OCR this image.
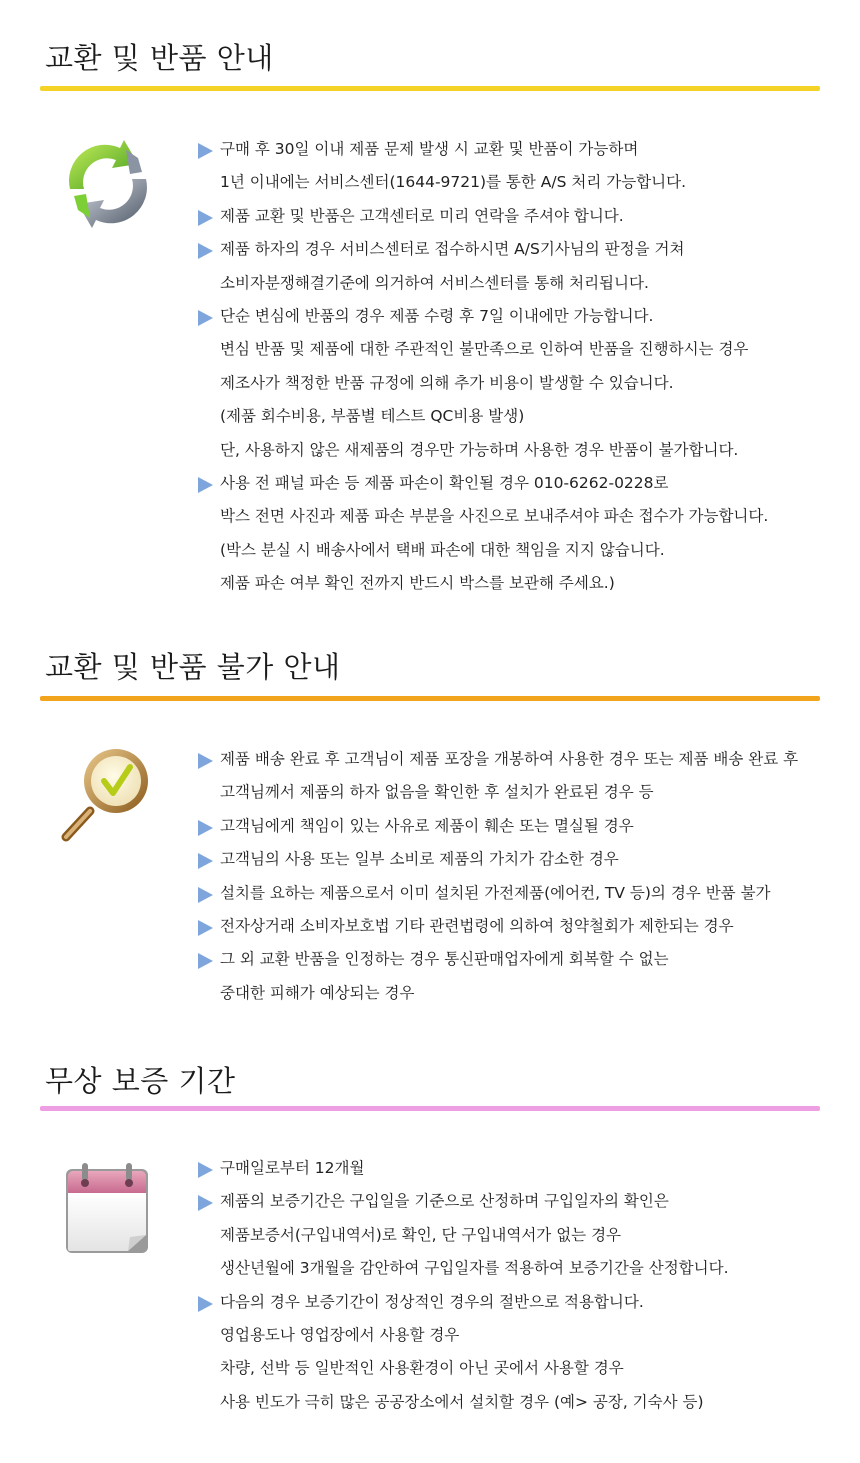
교환 및 반품 안내
구매 후 30일 이내 제품 문제 발생 시 교환 및 반품이 가능하며
1년 이내에는 서비스센터(1644-9721)를 통한 A/S 처리 가능합니다.
제품 교환 및 반품은 고객센터로 미리 연락을 주셔야 합니다.
제품 하자의 경우 서비스센터로 접수하시면 A/S기사님의 판정을 거쳐
소비자분쟁해결기준에 의거하여 서비스센터를 통해 처리됩니다.
단순 변심에 반품의 경우 제품 수령 후 7일 이내에만 가능합니다.
변심 반품 및 제품에 대한 주관적인 불만족으로 인하여 반품을 진행하시는 경우
제조사가 책정한 반품 규정에 의해 추가 비용이 발생할 수 있습니다.
(제품 회수비용, 부품별 테스트 QC비용 발생)
단, 사용하지 않은 새제품의 경우만 가능하며 사용한 경우 반품이 불가합니다.
사용 전 패널 파손 등 제품 파손이 확인될 경우 010-6262-0228로
박스 전면 사진과 제품 파손 부분을 사진으로 보내주셔야 파손 접수가 가능합니다.
(박스 분실 시 배송사에서 택배 파손에 대한 책임을 지지 않습니다.
제품 파손 여부 확인 전까지 반드시 박스를 보관해 주세요.)
교환 및 반품 불가 안내
제품 배송 완료 후 고객님이 제품 포장을 개봉하여 사용한 경우 또는 제품 배송 완료 후
고객님께서 제품의 하자 없음을 확인한 후 설치가 완료된 경우 등
고객님에게 책임이 있는 사유로 제품이 훼손 또는 멸실될 경우
고객님의 사용 또는 일부 소비로 제품의 가치가 감소한 경우
설치를 요하는 제품으로서 이미 설치된 가전제품(에어컨, TV 등)의 경우 반품 불가
전자상거래 소비자보호법 기타 관련법령에 의하여 청약철회가 제한되는 경우
그 외 교환 반품을 인정하는 경우 통신판매업자에게 회복할 수 없는
중대한 피해가 예상되는 경우
무상 보증 기간
구매일로부터 12개월
제품의 보증기간은 구입일을 기준으로 산정하며 구입일자의 확인은
제품보증서(구입내역서)로 확인, 단 구입내역서가 없는 경우
생산년월에 3개월을 감안하여 구입일자를 적용하여 보증기간을 산정합니다.
다음의 경우 보증기간이 정상적인 경우의 절반으로 적용합니다.
영업용도나 영업장에서 사용할 경우
차량, 선박 등 일반적인 사용환경이 아닌 곳에서 사용할 경우
사용 빈도가 극히 많은 공공장소에서 설치할 경우 (예> 공장, 기숙사 등)
